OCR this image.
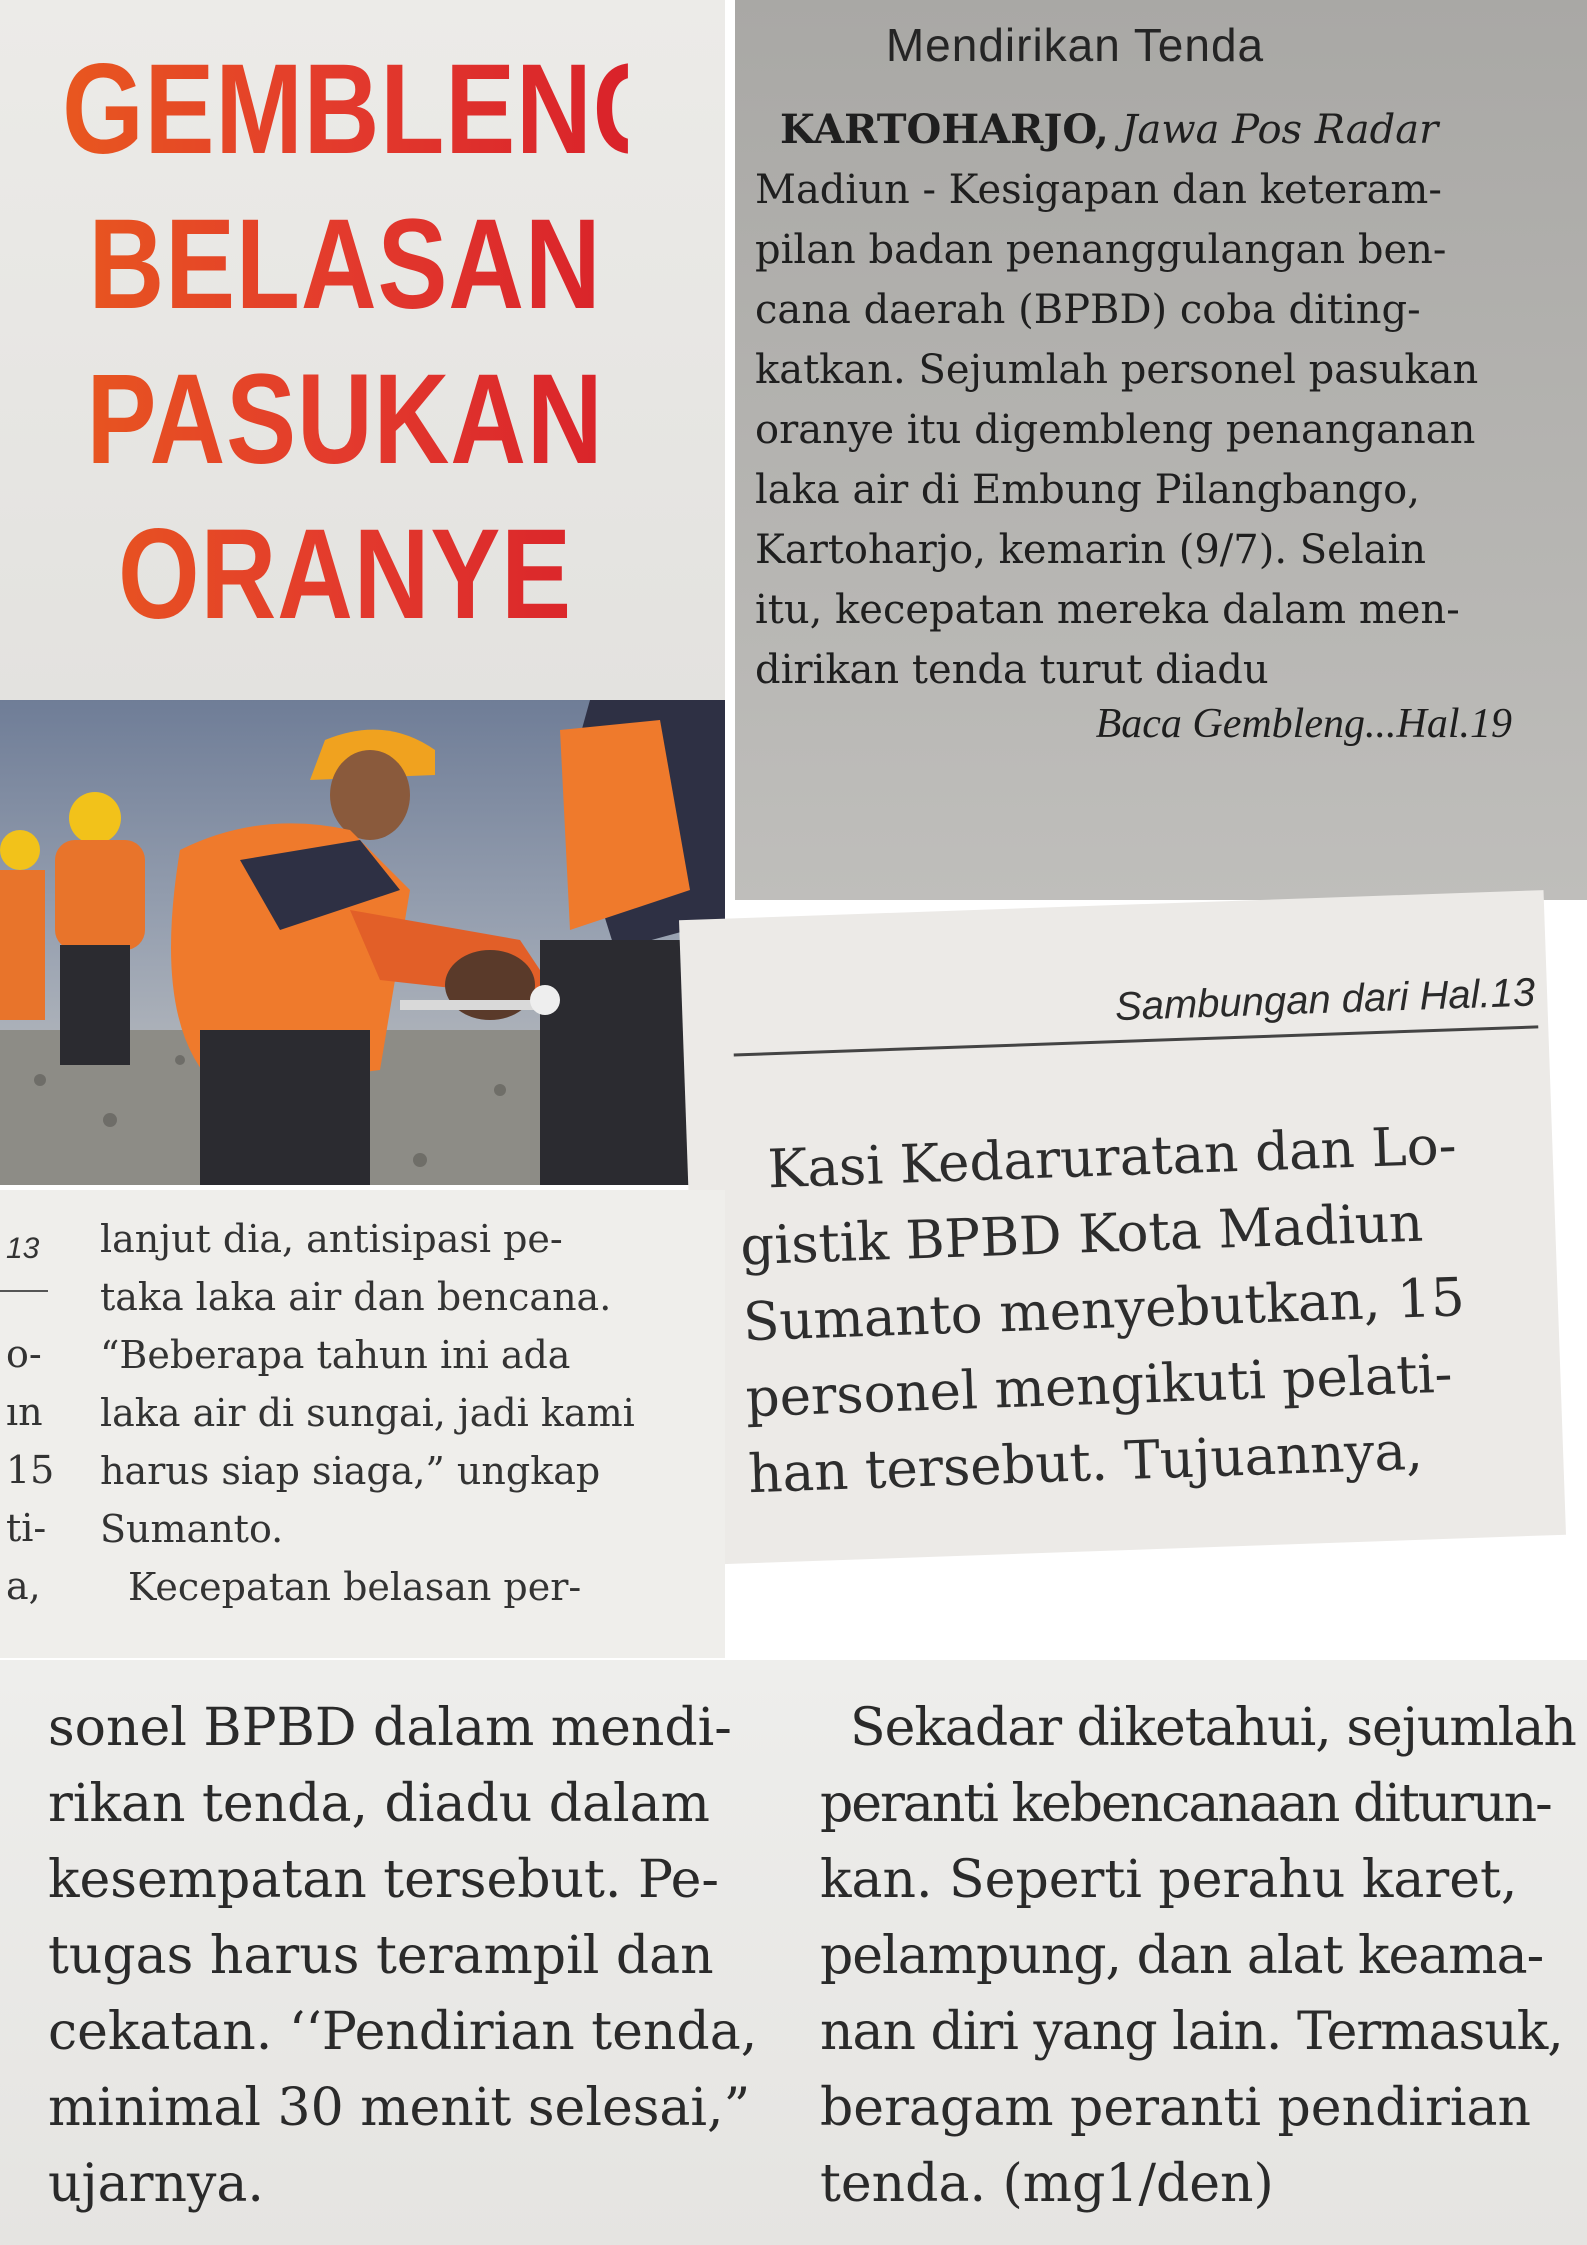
GEMBLENG
BELASAN
PASUKAN
ORANYE
Mendirikan Tenda
KARTOHARJO, Jawa Pos Radar
Madiun - Kesigapan dan keteram-
pilan badan penanggulangan ben-
cana daerah (BPBD) coba diting-
katkan. Sejumlah personel pasukan
oranye itu digembleng penanganan
laka air di Embung Pilangbango,
Kartoharjo, kemarin (9/7). Selain
itu, kecepatan mereka dalam men-
dirikan tenda turut diadu
Baca Gembleng...Hal.19
Sambungan dari Hal.13
Kasi Kedaruratan dan Lo-
gistik BPBD Kota Madiun
Sumanto menyebutkan, 15
personel mengikuti pelati-
han tersebut. Tujuannya,
13
o-
ın
15
ti-
a,
lanjut dia, antisipasi pe-
taka laka air dan bencana.
“Beberapa tahun ini ada
laka air di sungai, jadi kami
harus siap siaga,” ungkap
Sumanto.
Kecepatan belasan per-
sonel BPBD dalam mendi-
rikan tenda, diadu dalam
kesempatan tersebut. Pe-
tugas harus terampil dan
cekatan. ‘‘Pendirian tenda,
minimal 30 menit selesai,”
ujarnya.
Sekadar diketahui, sejumlah
peranti kebencanaan diturun-
kan. Seperti perahu karet,
pelampung, dan alat keama-
nan diri yang lain. Termasuk,
beragam peranti pendirian
tenda. (mg1/den)
